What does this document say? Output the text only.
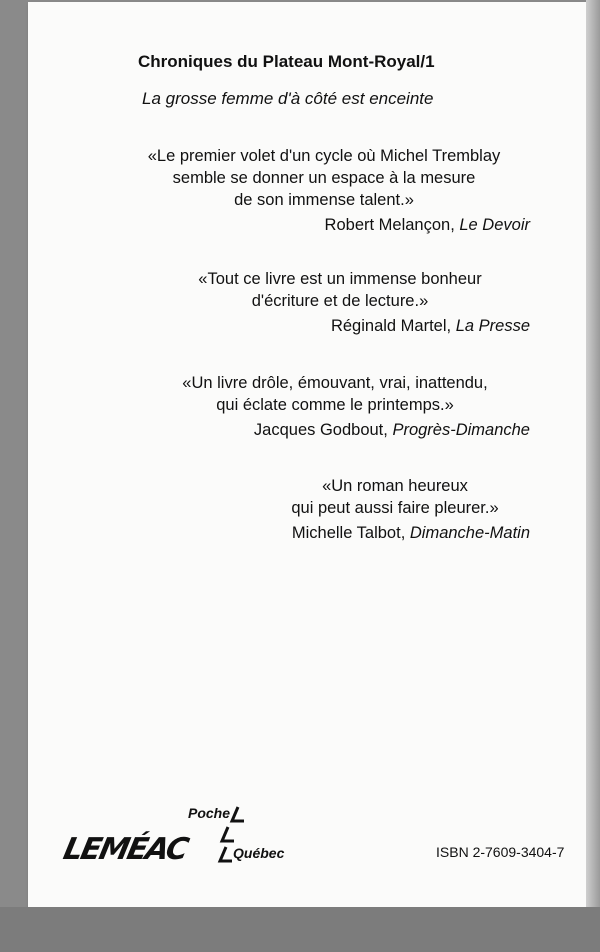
Chroniques du Plateau Mont-Royal/1
La grosse femme d'à côté est enceinte
«Le premier volet d'un cycle où Michel Tremblay
semble se donner un espace à la mesure
de son immense talent.»
Robert Melançon, Le Devoir
«Tout ce livre est un immense bonheur
d'écriture et de lecture.»
Réginald Martel, La Presse
«Un livre drôle, émouvant, vrai, inattendu,
qui éclate comme le printemps.»
Jacques Godbout, Progrès-Dimanche
«Un roman heureux
qui peut aussi faire pleurer.»
Michelle Talbot, Dimanche-Matin
LEMÉAC
Poche
Québec	ISBN 2-7609-3404-7
